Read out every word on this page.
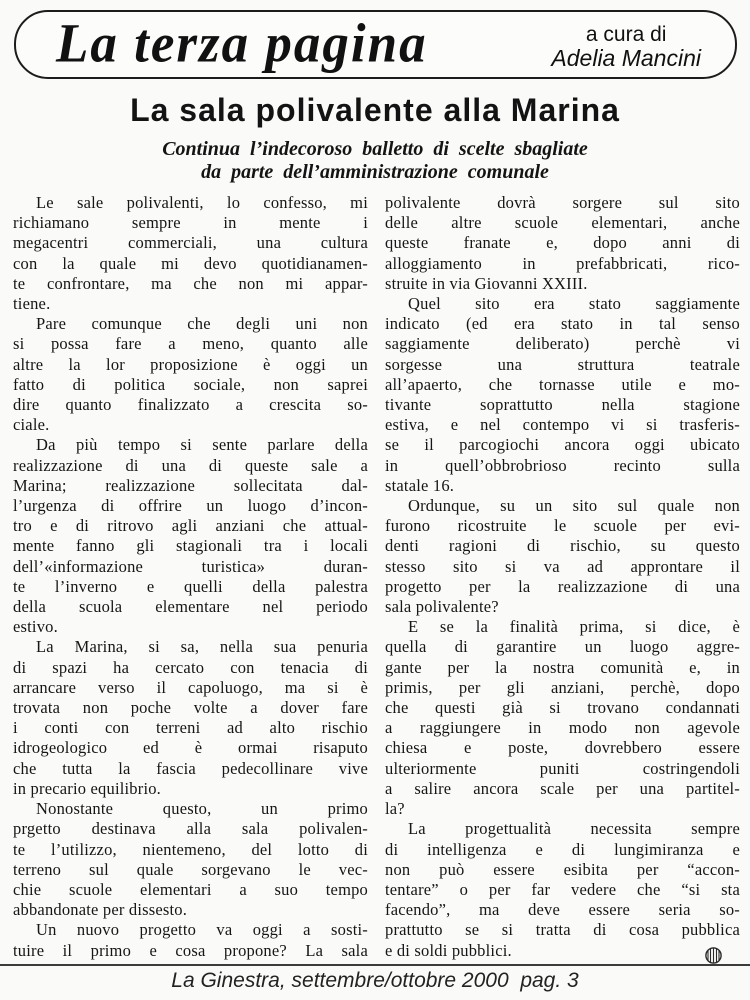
La terza pagina	a cura di
Adelia Mancini
La sala polivalente alla Marina
Continua l’indecoroso balletto di scelte sbagliate
da parte dell’amministrazione comunale
Le sale polivalenti, lo confesso, mi
richiamano sempre in mente i
megacentri commerciali, una cultura
con la quale mi devo quotidianamen-
te confrontare, ma che non mi appar-
tiene.
Pare comunque che degli uni non
si possa fare a meno, quanto alle
altre la lor proposizione è oggi un
fatto di politica sociale, non saprei
dire quanto finalizzato a crescita so-
ciale.
Da più tempo si sente parlare della
realizzazione di una di queste sale a
Marina; realizzazione sollecitata dal-
l’urgenza di offrire un luogo d’incon-
tro e di ritrovo agli anziani che attual-
mente fanno gli stagionali tra i locali
dell’«informazione turistica» duran-
te l’inverno e quelli della palestra
della scuola elementare nel periodo
estivo.
La Marina, si sa, nella sua penuria
di spazi ha cercato con tenacia di
arrancare verso il capoluogo, ma si è
trovata non poche volte a dover fare
i conti con terreni ad alto rischio
idrogeologico ed è ormai risaputo
che tutta la fascia pedecollinare vive
in precario equilibrio.
Nonostante questo, un primo
prgetto destinava alla sala polivalen-
te l’utilizzo, nientemeno, del lotto di
terreno sul quale sorgevano le vec-
chie scuole elementari a suo tempo
abbandonate per dissesto.
Un nuovo progetto va oggi a sosti-
tuire il primo e cosa propone? La sala
polivalente dovrà sorgere sul sito
delle altre scuole elementari, anche
queste franate e, dopo anni di
alloggiamento in prefabbricati, rico-
struite in via Giovanni XXIII.
Quel sito era stato saggiamente
indicato (ed era stato in tal senso
saggiamente deliberato) perchè vi
sorgesse una struttura teatrale
all’apaerto, che tornasse utile e mo-
tivante soprattutto nella stagione
estiva, e nel contempo vi si trasferis-
se il parcogiochi ancora oggi ubicato
in quell’obbrobrioso recinto sulla
statale 16.
Ordunque, su un sito sul quale non
furono ricostruite le scuole per evi-
denti ragioni di rischio, su questo
stesso sito si va ad approntare il
progetto per la realizzazione di una
sala polivalente?
E se la finalità prima, si dice, è
quella di garantire un luogo aggre-
gante per la nostra comunità e, in
primis, per gli anziani, perchè, dopo
che questi già si trovano condannati
a raggiungere in modo non agevole
chiesa e poste, dovrebbero essere
ulteriormente puniti costringendoli
a salire ancora scale per una partitel-
la?
La progettualità necessita sempre
di intelligenza e di lungimiranza e
non può essere esibita per “accon-
tentare” o per far vedere che “si sta
facendo”, ma deve essere seria so-
prattutto se si tratta di cosa pubblica
e di soldi pubblici.
La Ginestra, settembre/ottobre 2000  pag. 3
